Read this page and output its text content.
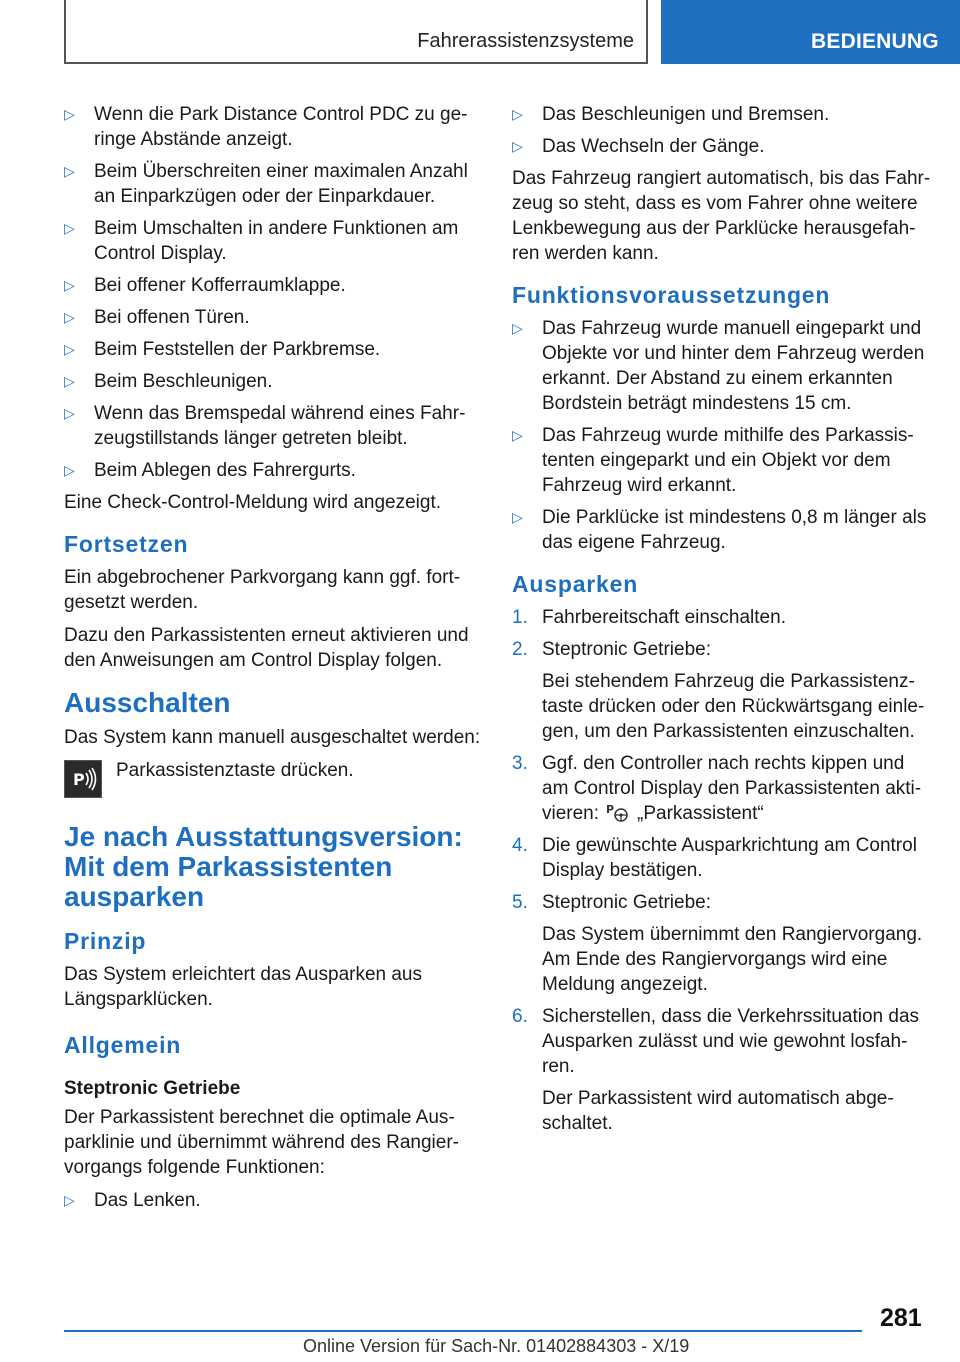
Fahrerassistenzsysteme	BEDIENUNG
▷	Wenn die Park Distance Control PDC zu geringe Abstände anzeigt.
▷	Beim Überschreiten einer maximalen Anzahl an Einparkzügen oder der Einparkdauer.
▷	Beim Umschalten in andere Funktionen am Control Display.
▷	Bei offener Kofferraumklappe.
▷	Bei offenen Türen.
▷	Beim Feststellen der Parkbremse.
▷	Beim Beschleunigen.
▷	Wenn das Bremspedal während eines Fahrzeugstillstands länger getreten bleibt.
▷	Beim Ablegen des Fahrergurts.

Eine Check-Control-Meldung wird angezeigt.

Fortsetzen

Ein abgebrochener Parkvorgang kann ggf. fortgesetzt werden.

Dazu den Parkassistenten erneut aktivieren und den Anweisungen am Control Display folgen.

Ausschalten

Das System kann manuell ausgeschaltet werden:

P Parkassistenztaste drücken.

Je nach Ausstattungsversion: Mit dem Parkassistenten ausparken
Prinzip

Das System erleichtert das Ausparken aus Längsparklücken.

Allgemein
Steptronic Getriebe

Der Parkassistent berechnet die optimale Ausparklinie und übernimmt während des Rangiervorgangs folgende Funktionen:

▷	Das Lenken.
▷	Das Beschleunigen und Bremsen.
▷	Das Wechseln der Gänge.

Das Fahrzeug rangiert automatisch, bis das Fahrzeug so steht, dass es vom Fahrer ohne weitere Lenkbewegung aus der Parklücke herausgefahren werden kann.

Funktionsvoraussetzungen
▷	Das Fahrzeug wurde manuell eingeparkt und Objekte vor und hinter dem Fahrzeug werden erkannt. Der Abstand zu einem erkannten Bordstein beträgt mindestens 15 cm.
▷	Das Fahrzeug wurde mithilfe des Parkassistenten eingeparkt und ein Objekt vor dem Fahrzeug wird erkannt.
▷	Die Parklücke ist mindestens 0,8 m länger als das eigene Fahrzeug.
Ausparken
1. Fahrbereitschaft einschalten.
2. Steptronic Getriebe:
Bei stehendem Fahrzeug die Parkassistenztaste drücken oder den Rückwärtsgang einlegen, um den Parkassistenten einzuschalten.
3. Ggf. den Controller nach rechts kippen und am Control Display den Parkassistenten aktivieren: P „Parkassistent“
4. Die gewünschte Ausparkrichtung am Control Display bestätigen.
5. Steptronic Getriebe:
Das System übernimmt den Rangiervorgang. Am Ende des Rangiervorgangs wird eine Meldung angezeigt.
6. Sicherstellen, dass die Verkehrssituation das Ausparken zulässt und wie gewohnt losfahren.
Der Parkassistent wird automatisch abgeschaltet.
281
Online Version für Sach-Nr. 01402884303 - X/19
